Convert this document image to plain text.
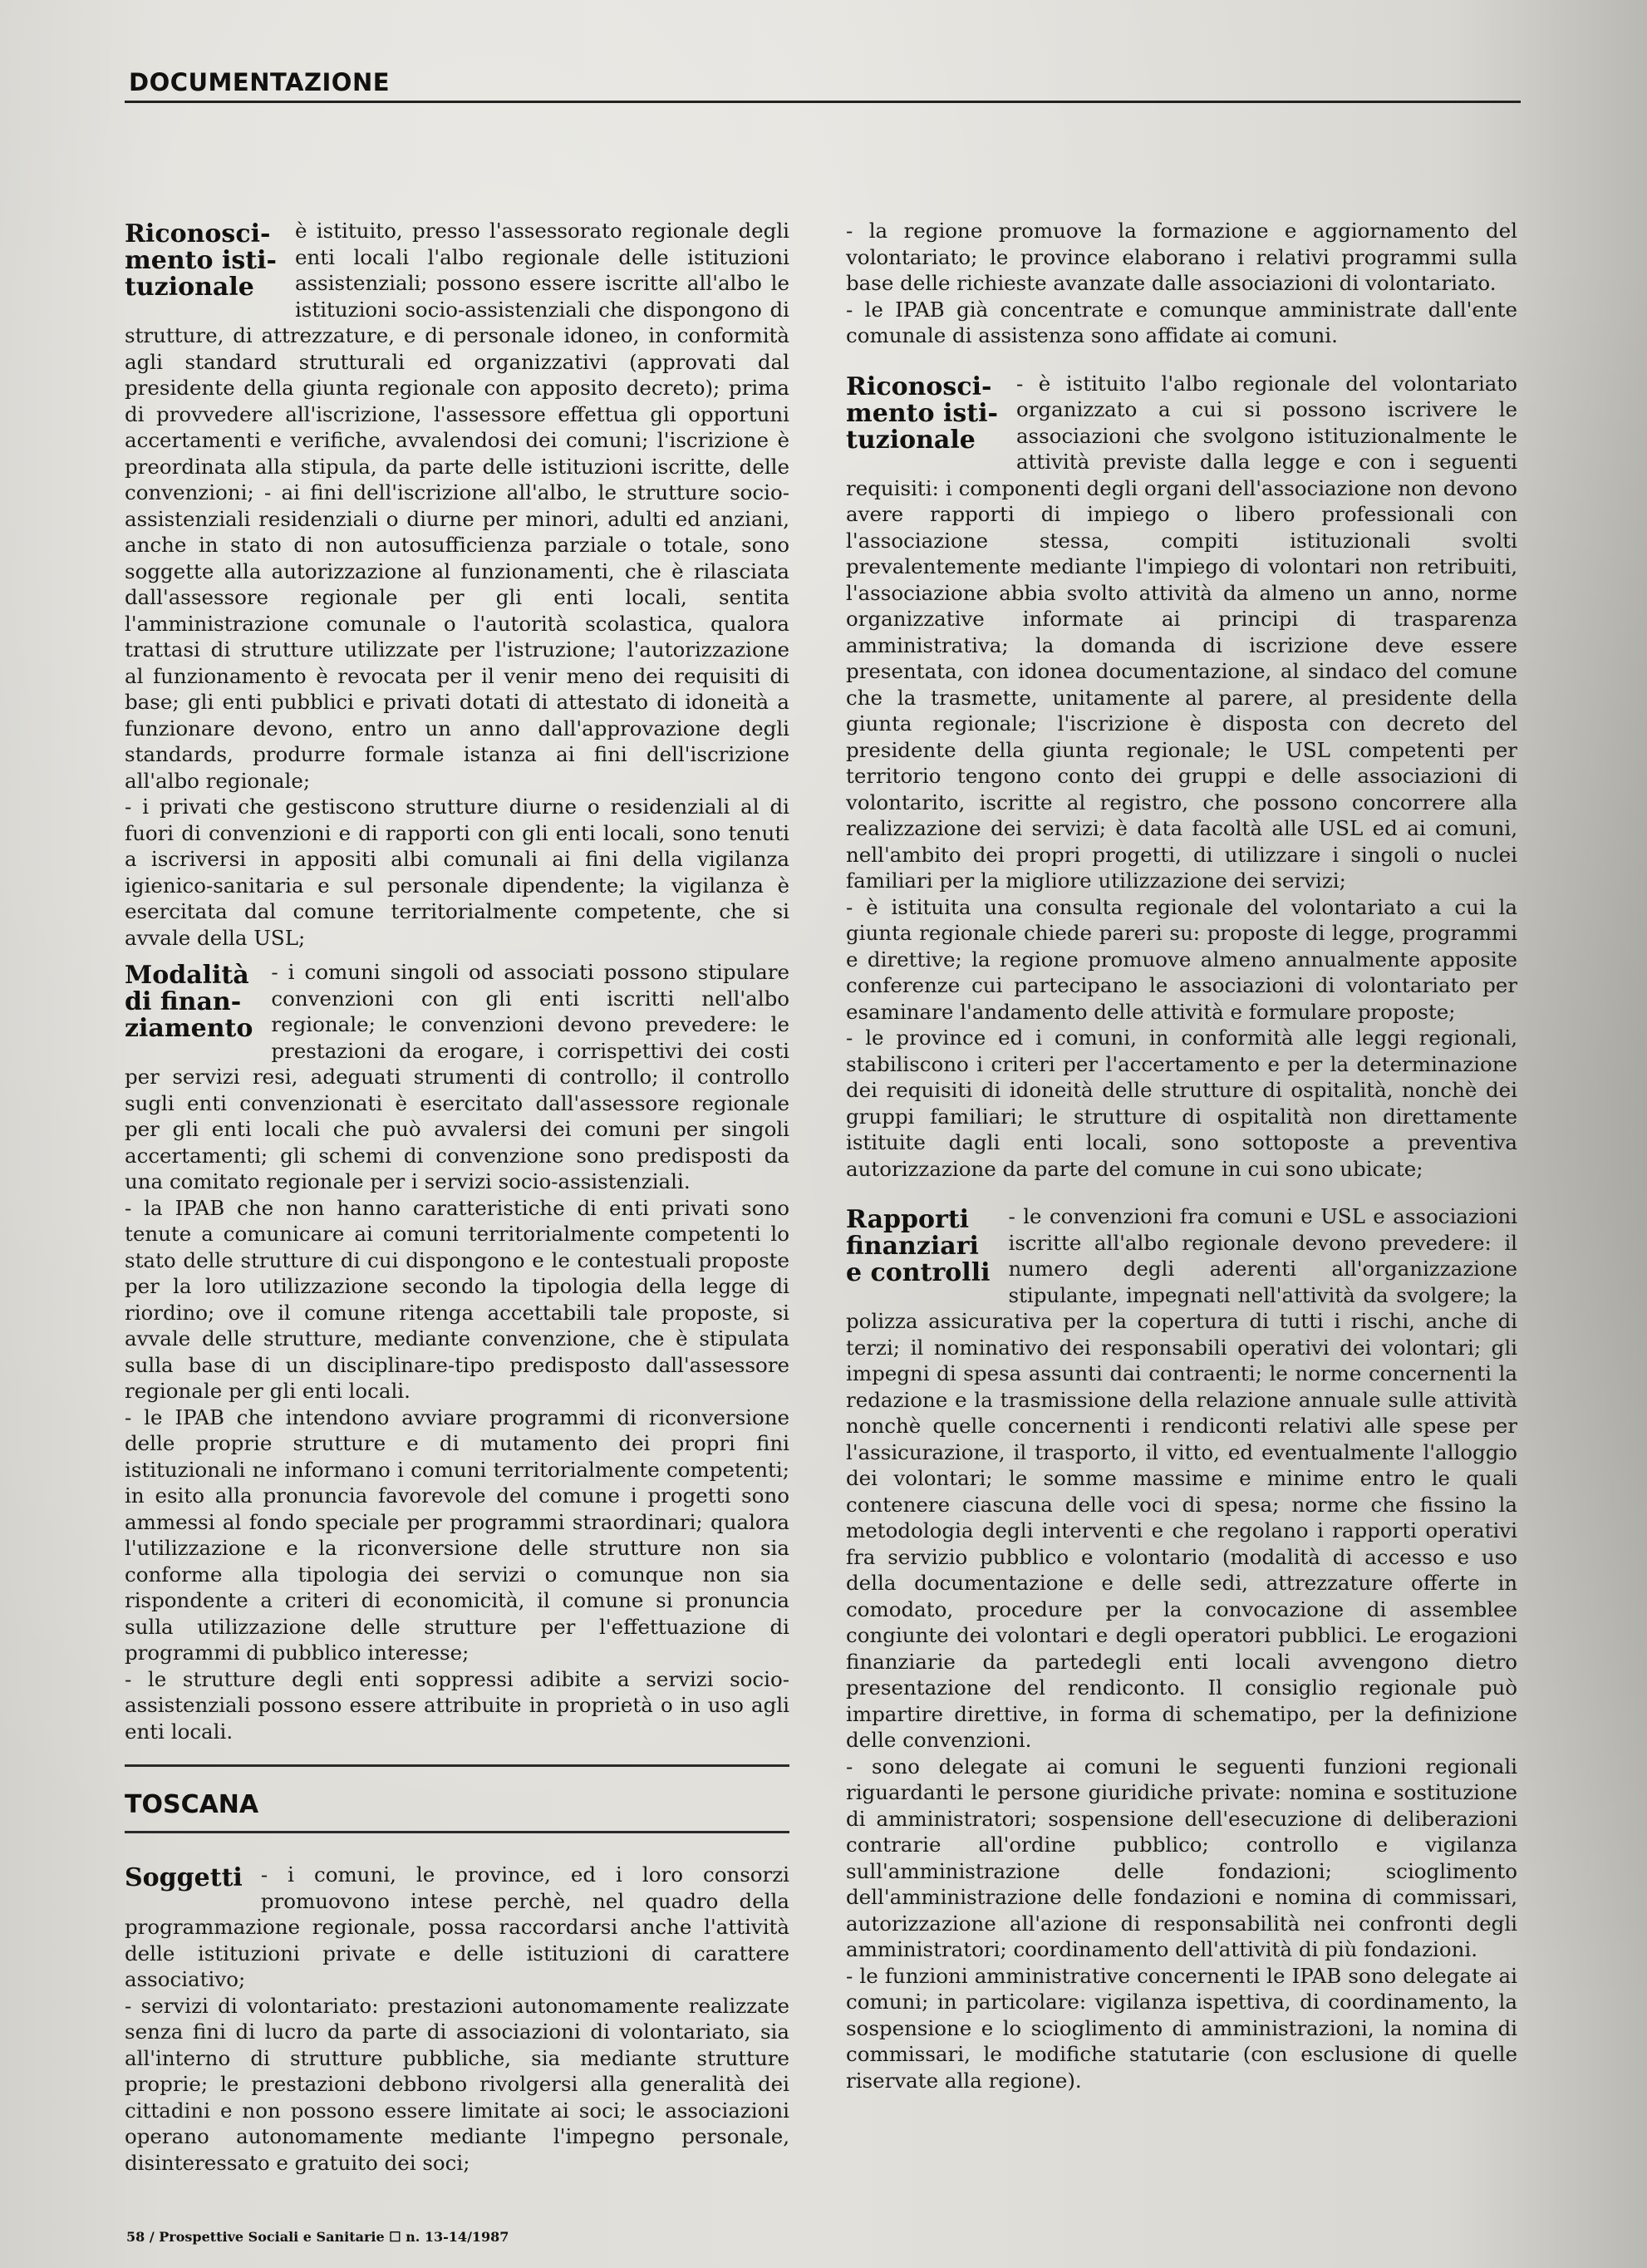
DOCUMENTAZIONE
Riconosci-
mento isti-
tuzionale

è istituito, presso l'assessorato regionale degli enti locali l'albo regionale delle istituzioni assistenziali; possono essere iscritte all'albo le istituzioni socio-assistenziali che dispongono di strutture, di attrezzature, e di personale idoneo, in conformità agli standard strutturali ed organizzativi (approvati dal presidente della giunta regionale con apposito decreto); prima di provvedere all'iscrizione, l'assessore effettua gli opportuni accertamenti e verifiche, avvalendosi dei comuni; l'iscrizione è preordinata alla stipula, da parte delle istituzioni iscritte, delle convenzioni; - ai fini dell'iscrizione all'albo, le strutture socio-assistenziali residenziali o diurne per minori, adulti ed anziani, anche in stato di non autosufficienza parziale o totale, sono soggette alla autorizzazione al funzionamenti, che è rilasciata dall'assessore regionale per gli enti locali, sentita l'amministrazione comunale o l'autorità scolastica, qualora trattasi di strutture utilizzate per l'istruzione; l'autorizzazione al funzionamento è revocata per il venir meno dei requisiti di base; gli enti pubblici e privati dotati di attestato di idoneità a funzionare devono, entro un anno dall'approvazione degli standards, produrre formale istanza ai fini dell'iscrizione all'albo regionale;

- i privati che gestiscono strutture diurne o residenziali al di fuori di convenzioni e di rapporti con gli enti locali, sono tenuti a iscriversi in appositi albi comunali ai fini della vigilanza igienico-sanitaria e sul personale dipendente; la vigilanza è esercitata dal comune territorialmente competente, che si avvale della USL;

Modalità
di finan-
ziamento

- i comuni singoli od associati possono stipulare convenzioni con gli enti iscritti nell'albo regionale; le convenzioni devono prevedere: le prestazioni da erogare, i corrispettivi dei costi per servizi resi, adeguati strumenti di controllo; il controllo sugli enti convenzionati è esercitato dall'assessore regionale per gli enti locali che può avvalersi dei comuni per singoli accertamenti; gli schemi di convenzione sono predisposti da una comitato regionale per i servizi socio-assistenziali.

- la IPAB che non hanno caratteristiche di enti privati sono tenute a comunicare ai comuni territorialmente competenti lo stato delle strutture di cui dispongono e le contestuali proposte per la loro utilizzazione secondo la tipologia della legge di riordino; ove il comune ritenga accettabili tale proposte, si avvale delle strutture, mediante convenzione, che è stipulata sulla base di un disciplinare-tipo predisposto dall'assessore regionale per gli enti locali.

- le IPAB che intendono avviare programmi di riconversione delle proprie strutture e di mutamento dei propri fini istituzionali ne informano i comuni territorialmente competenti; in esito alla pronuncia favorevole del comune i progetti sono ammessi al fondo speciale per programmi straordinari; qualora l'utilizzazione e la riconversione delle strutture non sia conforme alla tipologia dei servizi o comunque non sia rispondente a criteri di economicità, il comune si pronuncia sulla utilizzazione delle strutture per l'effettuazione di programmi di pubblico interesse;

- le strutture degli enti soppressi adibite a servizi socio-assistenziali possono essere attribuite in proprietà o in uso agli enti locali.

TOSCANA
Soggetti - i comuni, le province, ed i loro consorzi promuovono intese perchè, nel quadro della programmazione regionale, possa raccordarsi anche l'attività delle istituzioni private e delle istituzioni di carattere associativo;

- servizi di volontariato: prestazioni autonomamente realizzate senza fini di lucro da parte di associazioni di volontariato, sia all'interno di strutture pubbliche, sia mediante strutture proprie; le prestazioni debbono rivolgersi alla generalità dei cittadini e non possono essere limitate ai soci; le associazioni operano autonomamente mediante l'impegno personale, disinteressato e gratuito dei soci;

- la regione promuove la formazione e aggiornamento del volontariato; le province elaborano i relativi programmi sulla base delle richieste avanzate dalle associazioni di volontariato.

- le IPAB già concentrate e comunque amministrate dall'ente comunale di assistenza sono affidate ai comuni.

Riconosci-
mento isti-
tuzionale

- è istituito l'albo regionale del volontariato organizzato a cui si possono iscrivere le associazioni che svolgono istituzionalmente le attività previste dalla legge e con i seguenti requisiti: i componenti degli organi dell'associazione non devono avere rapporti di impiego o libero professionali con l'associazione stessa, compiti istituzionali svolti prevalentemente mediante l'impiego di volontari non retribuiti, l'associazione abbia svolto attività da almeno un anno, norme organizzative informate ai principi di trasparenza amministrativa; la domanda di iscrizione deve essere presentata, con idonea documentazione, al sindaco del comune che la trasmette, unitamente al parere, al presidente della giunta regionale; l'iscrizione è disposta con decreto del presidente della giunta regionale; le USL competenti per territorio tengono conto dei gruppi e delle associazioni di volontarito, iscritte al registro, che possono concorrere alla realizzazione dei servizi; è data facoltà alle USL ed ai comuni, nell'ambito dei propri progetti, di utilizzare i singoli o nuclei familiari per la migliore utilizzazione dei servizi;

- è istituita una consulta regionale del volontariato a cui la giunta regionale chiede pareri su: proposte di legge, programmi e direttive; la regione promuove almeno annualmente apposite conferenze cui partecipano le associazioni di volontariato per esaminare l'andamento delle attività e formulare proposte;

- le province ed i comuni, in conformità alle leggi regionali, stabiliscono i criteri per l'accertamento e per la determinazione dei requisiti di idoneità delle strutture di ospitalità, nonchè dei gruppi familiari; le strutture di ospitalità non direttamente istituite dagli enti locali, sono sottoposte a preventiva autorizzazione da parte del comune in cui sono ubicate;

Rapporti
finanziari
e controlli

- le convenzioni fra comuni e USL e associazioni iscritte all'albo regionale devono prevedere: il numero degli aderenti all'organizzazione stipulante, impegnati nell'attività da svolgere; la polizza assicurativa per la copertura di tutti i rischi, anche di terzi; il nominativo dei responsabili operativi dei volontari; gli impegni di spesa assunti dai contraenti; le norme concernenti la redazione e la trasmissione della relazione annuale sulle attività nonchè quelle concernenti i rendiconti relativi alle spese per l'assicurazione, il trasporto, il vitto, ed eventualmente l'alloggio dei volontari; le somme massime e minime entro le quali contenere ciascuna delle voci di spesa; norme che fissino la metodologia degli interventi e che regolano i rapporti operativi fra servizio pubblico e volontario (modalità di accesso e uso della documentazione e delle sedi, attrezzature offerte in comodato, procedure per la convocazione di assemblee congiunte dei volontari e degli operatori pubblici. Le erogazioni finanziarie da partedegli enti locali avvengono dietro presentazione del rendiconto. Il consiglio regionale può impartire direttive, in forma di schematipo, per la definizione delle convenzioni.

- sono delegate ai comuni le seguenti funzioni regionali riguardanti le persone giuridiche private: nomina e sostituzione di amministratori; sospensione dell'esecuzione di deliberazioni contrarie all'ordine pubblico; controllo e vigilanza sull'amministrazione delle fondazioni; scioglimento dell'amministrazione delle fondazioni e nomina di commissari, autorizzazione all'azione di responsabilità nei confronti degli amministratori; coordinamento dell'attività di più fondazioni.

- le funzioni amministrative concernenti le IPAB sono delegate ai comuni; in particolare: vigilanza ispettiva, di coordinamento, la sospensione e lo scioglimento di amministrazioni, la nomina di commissari, le modifiche statutarie (con esclusione di quelle riservate alla regione).

58 / Prospettive Sociali e Sanitarie ☐ n. 13-14/1987
